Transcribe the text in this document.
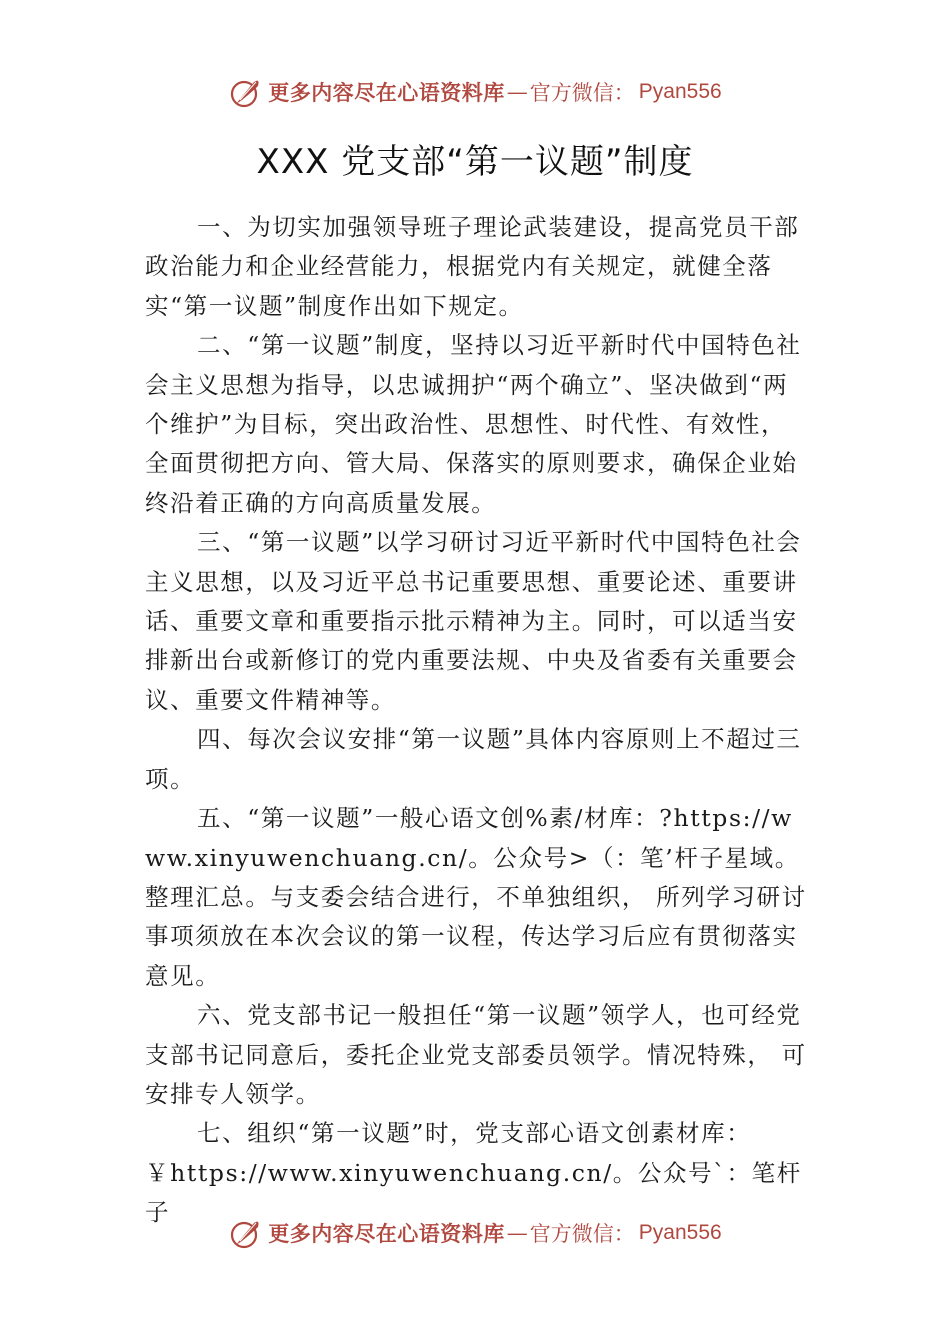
更多内容尽在心语资料库 — 官方微信： Pyan556
XXX 党支部“第一议题”制度

一、为切实加强领导班子理论武装建设，提高党员干部政治能力和企业经营能力，根据党内有关规定，就健全落实“第一议题”制度作出如下规定。

二、“第一议题”制度，坚持以习近平新时代中国特色社会主义思想为指导，以忠诚拥护“两个确立”、坚决做到“两个维护”为目标，突出政治性、思想性、时代性、有效性，全面贯彻把方向、管大局、保落实的原则要求，确保企业始终沿着正确的方向高质量发展。

三、“第一议题”以学习研讨习近平新时代中国特色社会主义思想，以及习近平总书记重要思想、重要论述、重要讲话、重要文章和重要指示批示精神为主。同时，可以适当安排新出台或新修订的党内重要法规、中央及省委有关重要会议、重要文件精神等。

四、每次会议安排“第一议题”具体内容原则上不超过三项。

五、“第一议题”一般心语文创%素/材库：?https://www.xinyuwenchuang.cn/。公众号>（：笔’杆子星域。整理汇总。与支委会结合进行，不单独组织， 所列学习研讨事项须放在本次会议的第一议程，传达学习后应有贯彻落实意见。

六、党支部书记一般担任“第一议题”领学人，也可经党支部书记同意后，委托企业党支部委员领学。情况特殊， 可安排专人领学。

七、组织“第一议题”时，党支部心语文创素材库：

￥https://www.xinyuwenchuang.cn/。公众号`：笔杆子

更多内容尽在心语资料库 — 官方微信： Pyan556
